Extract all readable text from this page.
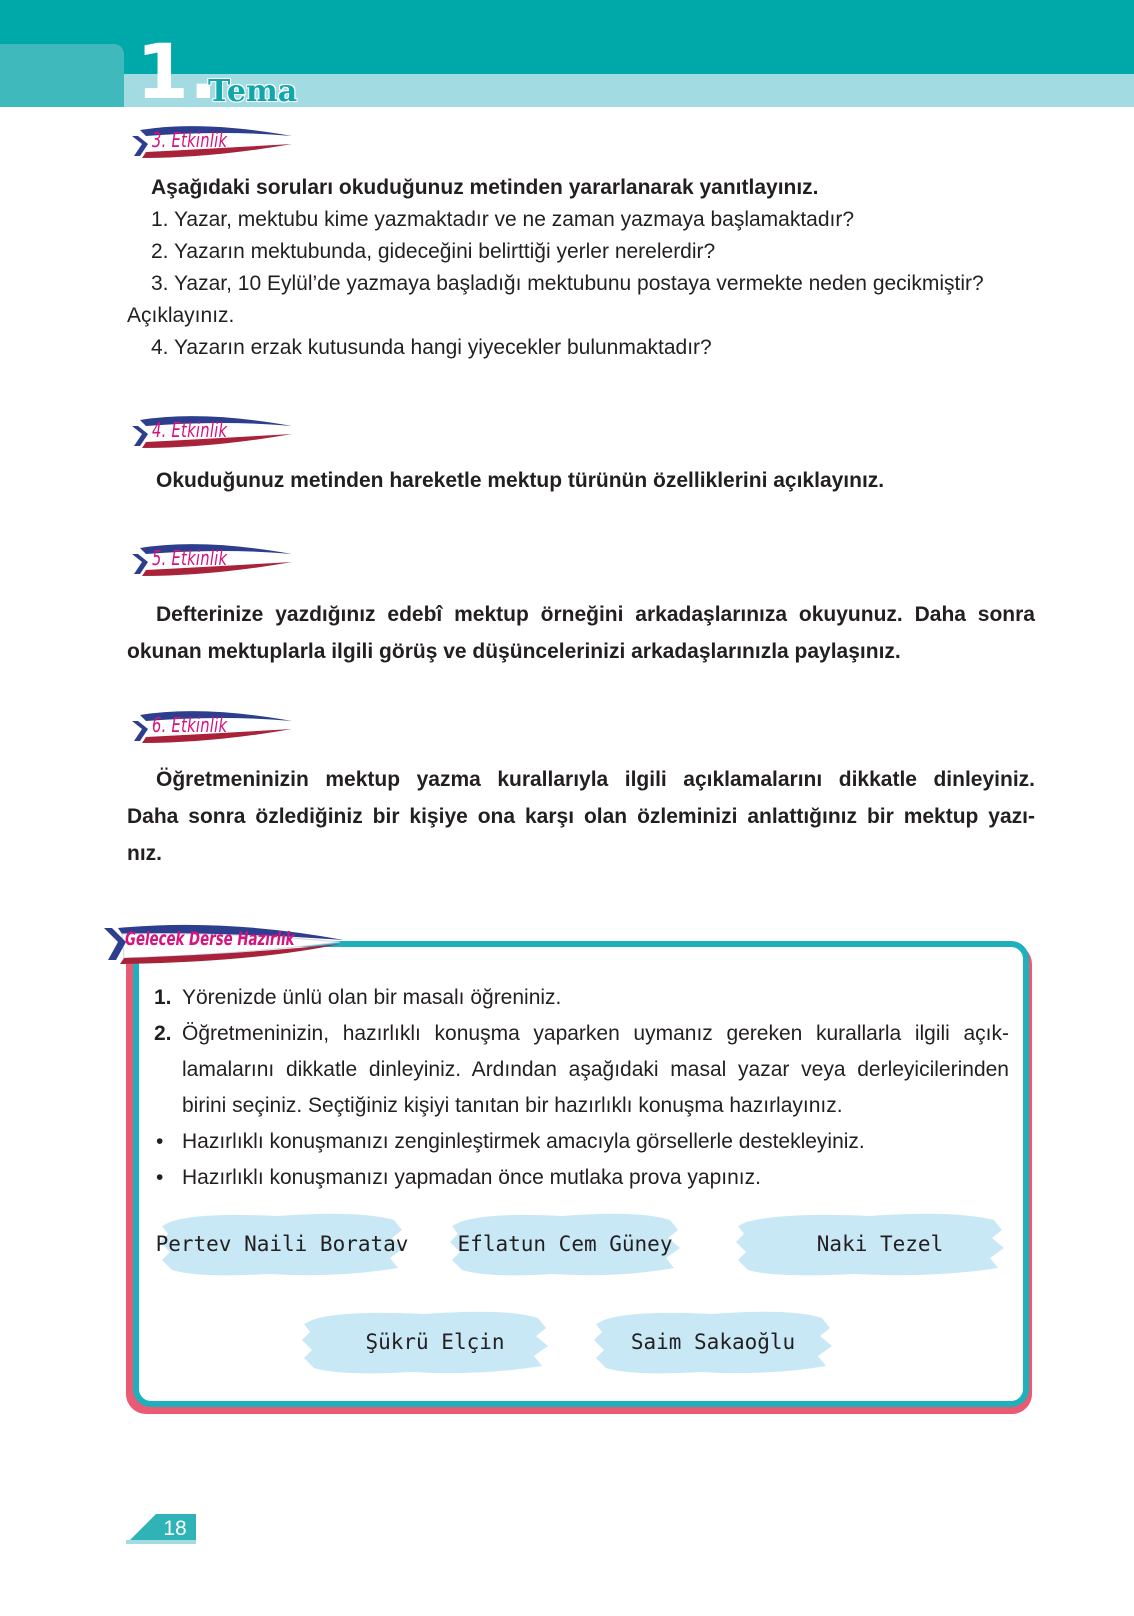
1.
Tema
3. Etkinlik
Aşağıdaki soruları okuduğunuz metinden yararlanarak yanıtlayınız.
1. Yazar, mektubu kime yazmaktadır ve ne zaman yazmaya başlamaktadır?
2. Yazarın mektubunda, gideceğini belirttiği yerler nerelerdir?
3. Yazar, 10 Eylül’de yazmaya başladığı mektubunu postaya vermekte neden gecikmiştir?
Açıklayınız.
4. Yazarın erzak kutusunda hangi yiyecekler bulunmaktadır?
4. Etkinlik
Okuduğunuz metinden hareketle mektup türünün özelliklerini açıklayınız.
5. Etkinlik

Defterinize yazdığınız edebî mektup örneğini arkadaşlarınıza okuyunuz. Daha sonra okunan mektuplarla ilgili görüş ve düşüncelerinizi arkadaşlarınızla paylaşınız.

6. Etkinlik
Öğretmeninizin mektup yazma kurallarıyla ilgili açıklamalarını dikkatle dinleyiniz.
Daha sonra özlediğiniz bir kişiye ona karşı olan özleminizi anlattığınız bir mektup yazı-
nız.
Gelecek Derse Hazırlık
1. Yörenizde ünlü olan bir masalı öğreniniz.
2. Öğretmeninizin, hazırlıklı konuşma yaparken uymanız gereken kurallarla ilgili açıklamalarını dikkatle dinleyiniz. Ardından aşağıdaki masal yazar veya derleyicilerinden birini seçiniz. Seçtiğiniz kişiyi tanıtan bir hazırlıklı konuşma hazırlayınız.
• Hazırlıklı konuşmanızı zenginleştirmek amacıyla görsellerle destekleyiniz.
• Hazırlıklı konuşmanızı yapmadan önce mutlaka prova yapınız.
Pertev Naili Boratav	Eflatun Cem Güney	Naki Tezel
Şükrü Elçin	Saim Sakaoğlu
18
